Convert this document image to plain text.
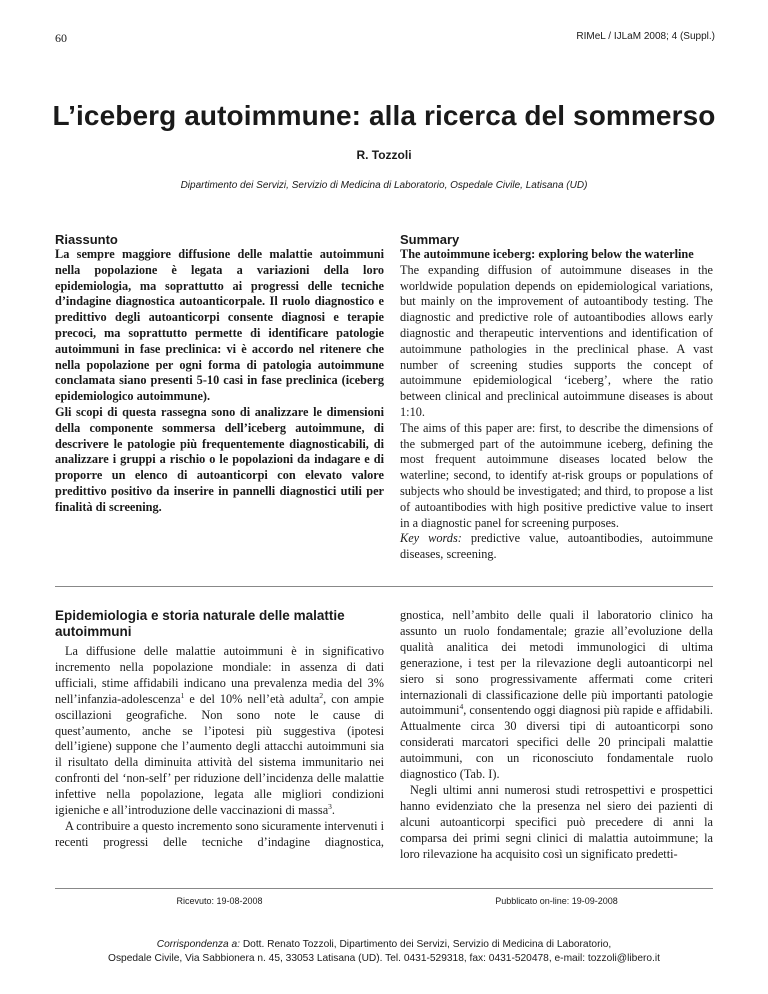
60	RIMeL / IJLaM 2008; 4 (Suppl.)
L’iceberg autoimmune: alla ricerca del sommerso
R. Tozzoli
Dipartimento dei Servizi, Servizio di Medicina di Laboratorio, Ospedale Civile, Latisana (UD)
Riassunto

La sempre maggiore diffusione delle malattie autoimmuni nella popolazione è legata a variazioni della loro epidemiologia, ma soprattutto ai progressi delle tecniche d’indagine diagnostica autoanticorpale. Il ruolo diagnostico e predittivo degli autoanticorpi consente diagnosi e terapie precoci, ma soprattutto permette di identificare patologie autoimmuni in fase preclinica: vi è accordo nel ritenere che nella popolazione per ogni forma di patologia autoimmune conclamata siano presenti 5-10 casi in fase preclinica (iceberg epidemiologico autoimmune).

Gli scopi di questa rassegna sono di analizzare le dimensioni della componente sommersa dell’iceberg autoimmune, di descrivere le patologie più frequentemente diagnosticabili, di analizzare i gruppi a rischio o le popolazioni da indagare e di proporre un elenco di autoanticorpi con elevato valore predittivo positivo da inserire in pannelli diagnostici utili per finalità di screening.

Summary

The autoimmune iceberg: exploring below the waterline

The expanding diffusion of autoimmune diseases in the worldwide population depends on epidemiological variations, but mainly on the improvement of autoantibody testing. The diagnostic and predictive role of autoantibodies allows early diagnostic and therapeutic interventions and identification of autoimmune pathologies in the preclinical phase. A vast number of screening studies supports the concept of autoimmune epidemiological ‘iceberg’, where the ratio between clinical and preclinical autoimmune diseases is about 1:10.

The aims of this paper are: first, to describe the dimensions of the submerged part of the autoimmune iceberg, defining the most frequent autoimmune diseases located below the waterline; second, to identify at-risk groups or populations of subjects who should be investigated; and third, to propose a list of autoantibodies with high positive predictive value to insert in a diagnostic panel for screening purposes.

Key words: predictive value, autoantibodies, autoimmune diseases, screening.

Epidemiologia e storia naturale delle malattie autoimmuni

La diffusione delle malattie autoimmuni è in significativo incremento nella popolazione mondiale: in assenza di dati ufficiali, stime affidabili indicano una prevalenza media del 3% nell’infanzia-adolescenza$^1$ e del 10% nell’età adulta$^2$, con ampie oscillazioni geografiche. Non sono note le cause di quest’aumento, anche se l’ipotesi più suggestiva (ipotesi dell’igiene) suppone che l’aumento degli attacchi autoimmuni sia il risultato della diminuita attività del sistema immunitario nei confronti del ‘non-self’ per riduzione dell’incidenza delle malattie infettive nella popolazione, legata alle migliori condizioni igieniche e all’introduzione delle vaccinazioni di massa$^3$.

A contribuire a questo incremento sono sicuramente intervenuti i recenti progressi delle tecniche d’indagine diagnostica,

gnostica, nell’ambito delle quali il laboratorio clinico ha assunto un ruolo fondamentale; grazie all’evoluzione della qualità analitica dei metodi immunologici di ultima generazione, i test per la rilevazione degli autoanticorpi nel siero si sono progressivamente affermati come criteri internazionali di classificazione delle più importanti patologie autoimmuni$^4$, consentendo oggi diagnosi più rapide e affidabili. Attualmente circa 30 diversi tipi di autoanticorpi sono considerati marcatori specifici delle 20 principali malattie autoimmuni, con un riconosciuto fondamentale ruolo diagnostico (Tab. I).

Negli ultimi anni numerosi studi retrospettivi e prospettici hanno evidenziato che la presenza nel siero dei pazienti di alcuni autoanticorpi specifici può precedere di anni la comparsa dei primi segni clinici di malattia autoimmune; la loro rilevazione ha acquisito così un significato predetti-

Ricevuto: 19-08-2008	Pubblicato on-line: 19-09-2008
Corrispondenza a: Dott. Renato Tozzoli, Dipartimento dei Servizi, Servizio di Medicina di Laboratorio,
Ospedale Civile, Via Sabbionera n. 45, 33053 Latisana (UD). Tel. 0431-529318, fax: 0431-520478, e-mail: tozzoli@libero.it
